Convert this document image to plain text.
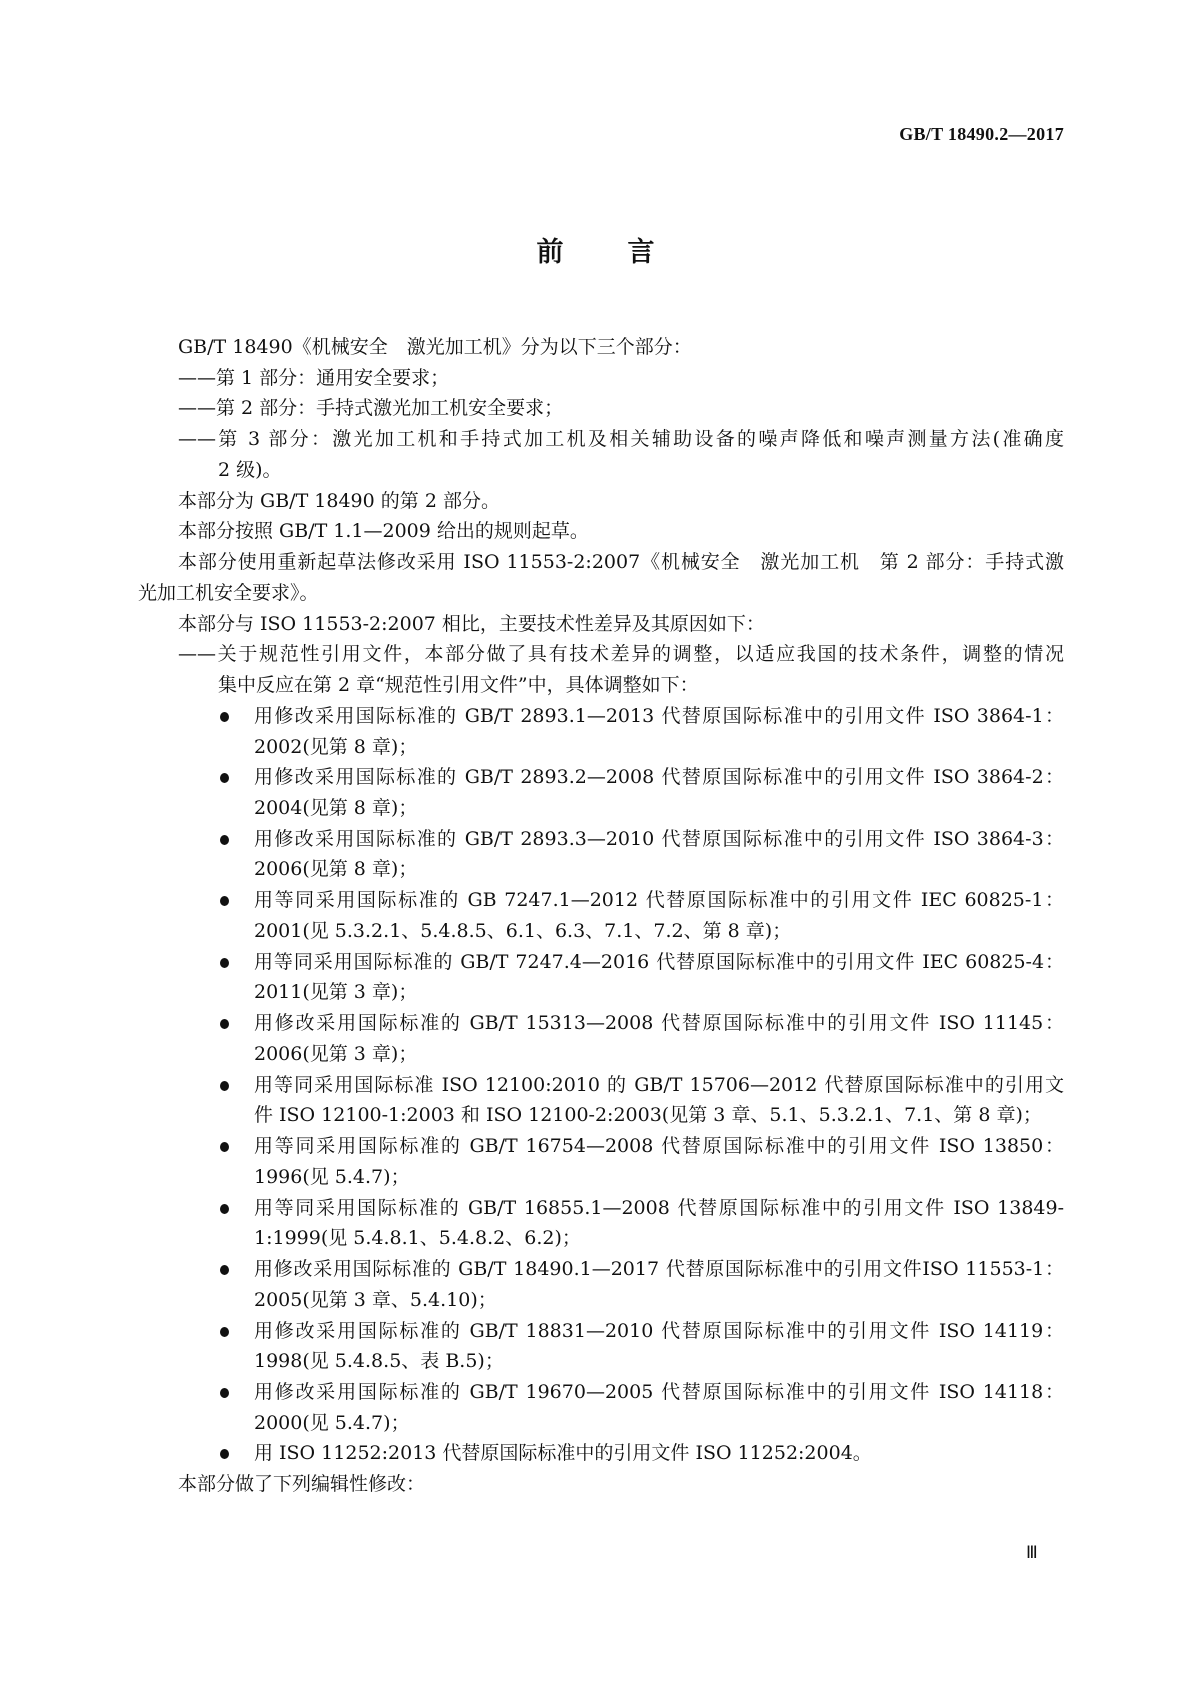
GB/T 18490.2—2017
前 言
GB/T 18490《机械安全　激光加工机》分为以下三个部分：
——第 1 部分：通用安全要求；
——第 2 部分：手持式激光加工机安全要求；
——第 3 部分：激光加工机和手持式加工机及相关辅助设备的噪声降低和噪声测量方法(准确度
2 级)。
本部分为 GB/T 18490 的第 2 部分。
本部分按照 GB/T 1.1—2009 给出的规则起草。
本部分使用重新起草法修改采用 ISO 11553-2:2007《机械安全　激光加工机　第 2 部分：手持式激
光加工机安全要求》。
本部分与 ISO 11553-2:2007 相比，主要技术性差异及其原因如下：
——关于规范性引用文件，本部分做了具有技术差异的调整，以适应我国的技术条件，调整的情况
集中反应在第 2 章“规范性引用文件”中，具体调整如下：
用修改采用国际标准的 GB/T 2893.1—2013 代替原国际标准中的引用文件 ISO 3864-1：
2002(见第 8 章)；
用修改采用国际标准的 GB/T 2893.2—2008 代替原国际标准中的引用文件 ISO 3864-2：
2004(见第 8 章)；
用修改采用国际标准的 GB/T 2893.3—2010 代替原国际标准中的引用文件 ISO 3864-3：
2006(见第 8 章)；
用等同采用国际标准的 GB 7247.1—2012 代替原国际标准中的引用文件 IEC 60825-1：
2001(见 5.3.2.1、5.4.8.5、6.1、6.3、7.1、7.2、第 8 章)；
用等同采用国际标准的 GB/T 7247.4—2016 代替原国际标准中的引用文件 IEC 60825-4：
2011(见第 3 章)；
用修改采用国际标准的 GB/T 15313—2008 代替原国际标准中的引用文件 ISO 11145：
2006(见第 3 章)；
用等同采用国际标准 ISO 12100:2010 的 GB/T 15706—2012 代替原国际标准中的引用文
件 ISO 12100-1:2003 和 ISO 12100-2:2003(见第 3 章、5.1、5.3.2.1、7.1、第 8 章)；
用等同采用国际标准的 GB/T 16754—2008 代替原国际标准中的引用文件 ISO 13850：
1996(见 5.4.7)；
用等同采用国际标准的 GB/T 16855.1—2008 代替原国际标准中的引用文件 ISO 13849-
1:1999(见 5.4.8.1、5.4.8.2、6.2)；
用修改采用国际标准的 GB/T 18490.1—2017 代替原国际标准中的引用文件ISO 11553-1：
2005(见第 3 章、5.4.10)；
用修改采用国际标准的 GB/T 18831—2010 代替原国际标准中的引用文件 ISO 14119：
1998(见 5.4.8.5、表 B.5)；
用修改采用国际标准的 GB/T 19670—2005 代替原国际标准中的引用文件 ISO 14118：
2000(见 5.4.7)；
用 ISO 11252:2013 代替原国际标准中的引用文件 ISO 11252:2004。
本部分做了下列编辑性修改：
Ⅲ
